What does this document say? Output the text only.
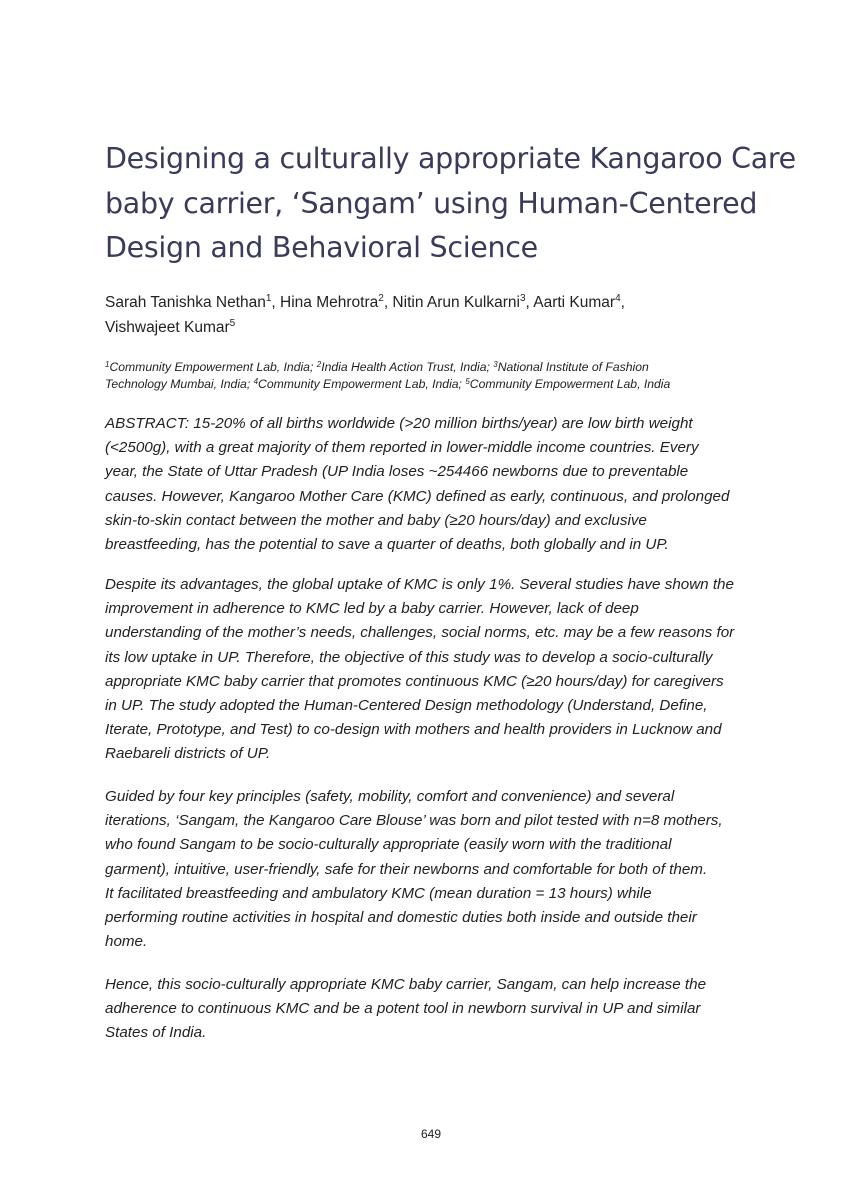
Designing a culturally appropriate Kangaroo Care
baby carrier, ‘Sangam’ using Human-Centered
Design and Behavioral Science
Sarah Tanishka Nethan$^1$, Hina Mehrotra$^2$, Nitin Arun Kulkarni$^3$, Aarti Kumar$^4$,
Vishwajeet Kumar$^5$
$^1$Community Empowerment Lab, India; $^2$India Health Action Trust, India; $^3$National Institute of Fashion
Technology Mumbai, India; $^4$Community Empowerment Lab, India; $^5$Community Empowerment Lab, India

ABSTRACT: 15-20% of all births worldwide (>20 million births/year) are low birth weight
(<2500g), with a great majority of them reported in lower-middle income countries. Every
year, the State of Uttar Pradesh (UP India loses ~254466 newborns due to preventable
causes. However, Kangaroo Mother Care (KMC) defined as early, continuous, and prolonged
skin-to-skin contact between the mother and baby (≥20 hours/day) and exclusive
breastfeeding, has the potential to save a quarter of deaths, both globally and in UP.

Despite its advantages, the global uptake of KMC is only 1%. Several studies have shown the
improvement in adherence to KMC led by a baby carrier. However, lack of deep
understanding of the mother’s needs, challenges, social norms, etc. may be a few reasons for
its low uptake in UP. Therefore, the objective of this study was to develop a socio-culturally
appropriate KMC baby carrier that promotes continuous KMC (≥20 hours/day) for caregivers
in UP. The study adopted the Human-Centered Design methodology (Understand, Define,
Iterate, Prototype, and Test) to co-design with mothers and health providers in Lucknow and
Raebareli districts of UP.

Guided by four key principles (safety, mobility, comfort and convenience) and several
iterations, ‘Sangam, the Kangaroo Care Blouse’ was born and pilot tested with n=8 mothers,
who found Sangam to be socio-culturally appropriate (easily worn with the traditional
garment), intuitive, user-friendly, safe for their newborns and comfortable for both of them.
It facilitated breastfeeding and ambulatory KMC (mean duration = 13 hours) while
performing routine activities in hospital and domestic duties both inside and outside their
home.

Hence, this socio-culturally appropriate KMC baby carrier, Sangam, can help increase the
adherence to continuous KMC and be a potent tool in newborn survival in UP and similar
States of India.

649
